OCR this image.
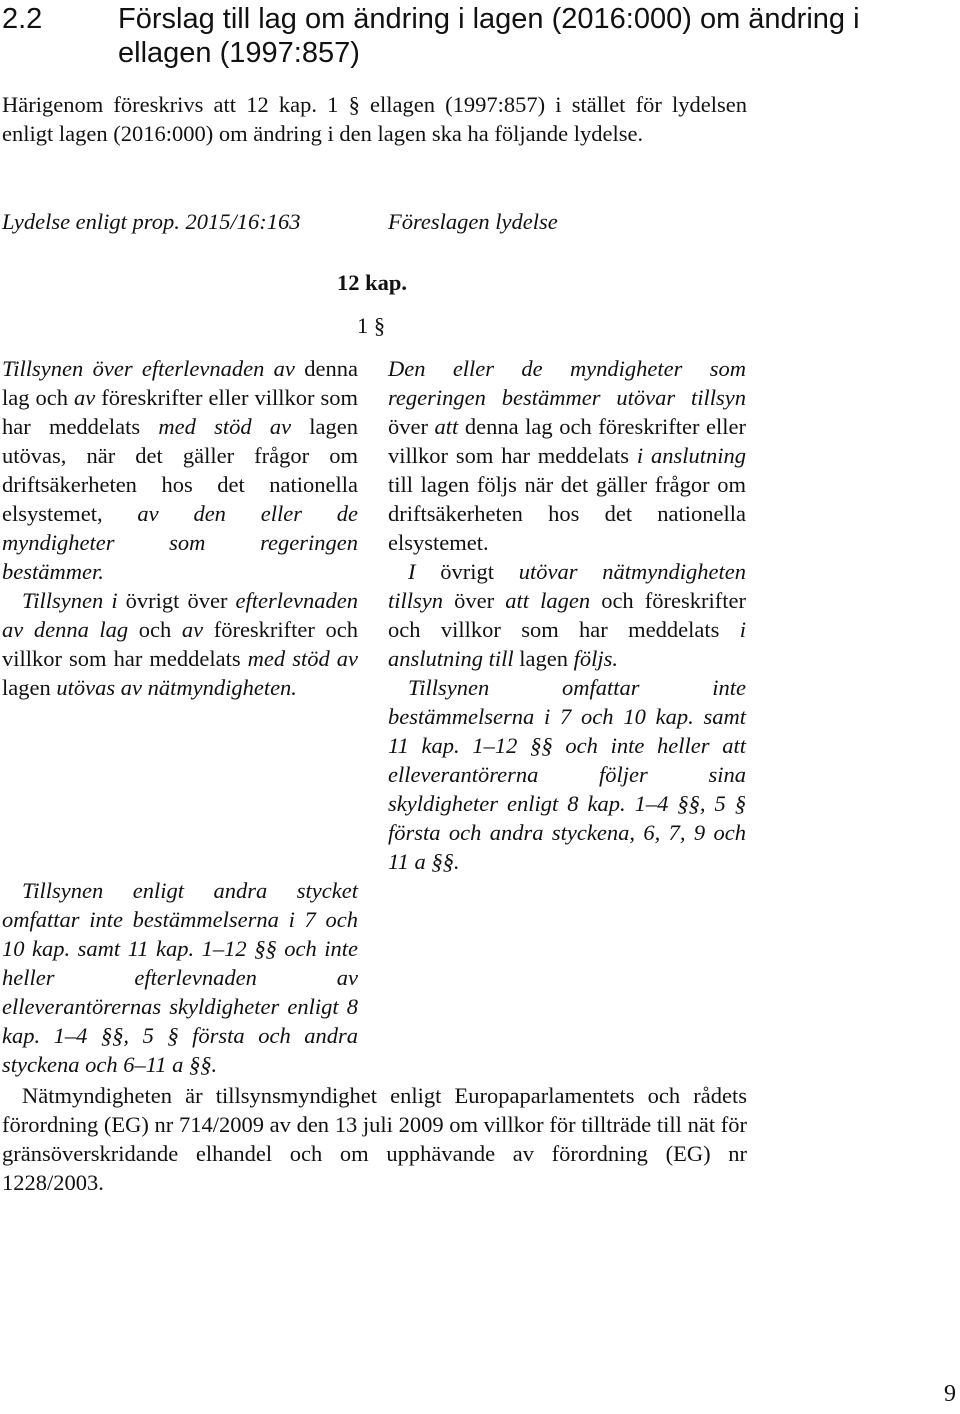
2.2	Förslag till lag om ändring i lagen (2016:000) om ändring i ellagen (1997:857)
Härigenom föreskrivs att 12 kap. 1 § ellagen (1997:857) i stället för lydelsen enligt lagen (2016:000) om ändring i den lagen ska ha följande lydelse.
Lydelse enligt prop. 2015/16:163	Föreslagen lydelse
12 kap.
1 §

Tillsynen över efterlevnaden av denna lag och av föreskrifter eller villkor som har meddelats med stöd av lagen utövas, när det gäller frågor om driftsäkerheten hos det nationella elsystemet, av den eller de myndigheter som regeringen bestämmer.

Tillsynen i övrigt över efterlevnaden av denna lag och av föreskrifter och villkor som har meddelats med stöd av lagen utövas av nätmyndigheten.

Tillsynen enligt andra stycket omfattar inte bestämmelserna i 7 och 10 kap. samt 11 kap. 1–12 §§ och inte heller efterlevnaden av elleverantörernas skyldigheter enligt 8 kap. 1–4 §§, 5 § första och andra styckena och 6–11 a §§.

Den eller de myndigheter som regeringen bestämmer utövar tillsyn över att denna lag och föreskrifter eller villkor som har meddelats i anslutning till lagen följs när det gäller frågor om driftsäkerheten hos det nationella elsystemet.

I övrigt utövar nätmyndigheten tillsyn över att lagen och föreskrifter och villkor som har meddelats i anslutning till lagen följs.

Tillsynen omfattar inte bestämmelserna i 7 och 10 kap. samt 11 kap. 1–12 §§ och inte heller att elleverantörerna följer sina skyldigheter enligt 8 kap. 1–4 §§, 5 § första och andra styckena, 6, 7, 9 och 11 a §§.

Nätmyndigheten är tillsynsmyndighet enligt Europaparlamentets och rådets förordning (EG) nr 714/2009 av den 13 juli 2009 om villkor för tillträde till nät för gränsöverskridande elhandel och om upphävande av förordning (EG) nr 1228/2003.
9
